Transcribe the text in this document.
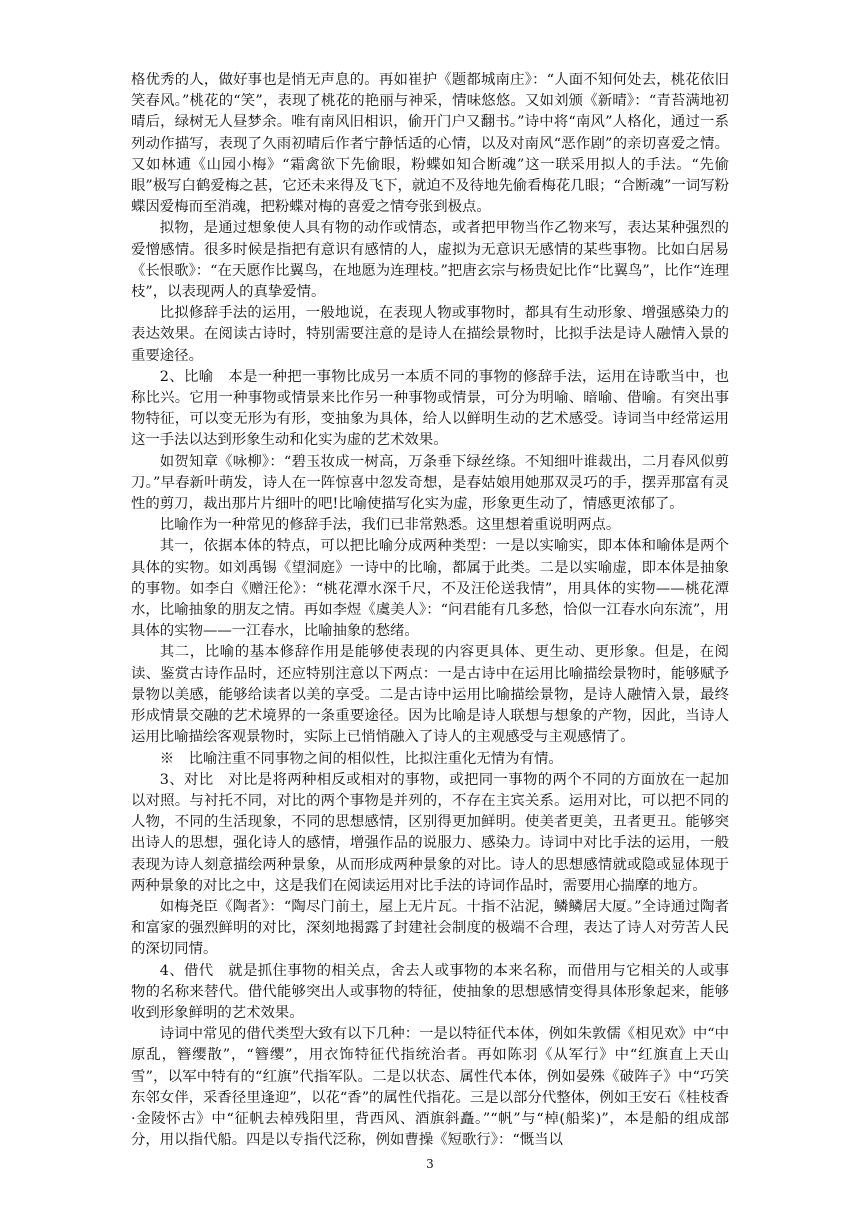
格优秀的人，做好事也是悄无声息的。再如崔护《题都城南庄》：“人面不知何处去，桃花依旧笑春风。”桃花的“笑”，表现了桃花的艳丽与神采，情味悠悠。又如刘颁《新晴》：“青苔满地初晴后，绿树无人昼梦余。唯有南风旧相识，偷开门户又翻书。”诗中将“南风”人格化，通过一系列动作描写，表现了久雨初晴后作者宁静恬适的心情，以及对南风“恶作剧”的亲切喜爱之情。又如林逋《山园小梅》“霜禽欲下先偷眼，粉蝶如知合断魂”这一联采用拟人的手法。“先偷眼”极写白鹤爱梅之甚，它还未来得及飞下，就迫不及待地先偷看梅花几眼；“合断魂”一词写粉蝶因爱梅而至消魂，把粉蝶对梅的喜爱之情夸张到极点。

拟物，是通过想象使人具有物的动作或情态，或者把甲物当作乙物来写，表达某种强烈的爱憎感情。很多时候是指把有意识有感情的人，虚拟为无意识无感情的某些事物。比如白居易《长恨歌》：“在天愿作比翼鸟，在地愿为连理枝。”把唐玄宗与杨贵妃比作“比翼鸟”，比作“连理枝”，以表现两人的真挚爱情。

比拟修辞手法的运用，一般地说，在表现人物或事物时，都具有生动形象、增强感染力的表达效果。在阅读古诗时，特别需要注意的是诗人在描绘景物时，比拟手法是诗人融情入景的重要途径。

2、比喻　本是一种把一事物比成另一本质不同的事物的修辞手法，运用在诗歌当中，也称比兴。它用一种事物或情景来比作另一种事物或情景，可分为明喻、暗喻、借喻。有突出事物特征，可以变无形为有形，变抽象为具体，给人以鲜明生动的艺术感受。诗词当中经常运用这一手法以达到形象生动和化实为虚的艺术效果。

如贺知章《咏柳》：“碧玉妆成一树高，万条垂下绿丝绦。不知细叶谁裁出，二月春风似剪刀。”早春新叶萌发，诗人在一阵惊喜中忽发奇想，是春姑娘用她那双灵巧的手，摆弄那富有灵性的剪刀，裁出那片片细叶的吧!比喻使描写化实为虚，形象更生动了，情感更浓郁了。

比喻作为一种常见的修辞手法，我们已非常熟悉。这里想着重说明两点。

其一，依据本体的特点，可以把比喻分成两种类型：一是以实喻实，即本体和喻体是两个具体的实物。如刘禹锡《望洞庭》一诗中的比喻，都属于此类。二是以实喻虚，即本体是抽象的事物。如李白《赠汪伦》：“桃花潭水深千尺，不及汪伦送我情”，用具体的实物——桃花潭水，比喻抽象的朋友之情。再如李煜《虞美人》：“问君能有几多愁，恰似一江春水向东流”，用具体的实物——一江春水，比喻抽象的愁绪。

其二，比喻的基本修辞作用是能够使表现的内容更具体、更生动、更形象。但是，在阅读、鉴赏古诗作品时，还应特别注意以下两点：一是古诗中在运用比喻描绘景物时，能够赋予景物以美感，能够给读者以美的享受。二是古诗中运用比喻描绘景物，是诗人融情入景，最终形成情景交融的艺术境界的一条重要途径。因为比喻是诗人联想与想象的产物，因此，当诗人运用比喻描绘客观景物时，实际上已悄悄融入了诗人的主观感受与主观感情了。

※　比喻注重不同事物之间的相似性，比拟注重化无情为有情。

3、对比　对比是将两种相反或相对的事物，或把同一事物的两个不同的方面放在一起加以对照。与衬托不同，对比的两个事物是并列的，不存在主宾关系。运用对比，可以把不同的人物，不同的生活现象，不同的思想感情，区别得更加鲜明。使美者更美，丑者更丑。能够突出诗人的思想，强化诗人的感情，增强作品的说服力、感染力。诗词中对比手法的运用，一般表现为诗人刻意描绘两种景象，从而形成两种景象的对比。诗人的思想感情就或隐或显体现于两种景象的对比之中，这是我们在阅读运用对比手法的诗词作品时，需要用心揣摩的地方。

如梅尧臣《陶者》：“陶尽门前土，屋上无片瓦。十指不沾泥，鳞鳞居大厦。”全诗通过陶者和富家的强烈鲜明的对比，深刻地揭露了封建社会制度的极端不合理，表达了诗人对劳苦人民的深切同情。

4、借代　就是抓住事物的相关点，舍去人或事物的本来名称，而借用与它相关的人或事物的名称来替代。借代能够突出人或事物的特征，使抽象的思想感情变得具体形象起来，能够收到形象鲜明的艺术效果。

诗词中常见的借代类型大致有以下几种：一是以特征代本体，例如朱敦儒《相见欢》中“中原乱，簪缨散”，“簪缨”，用衣饰特征代指统治者。再如陈羽《从军行》中“红旗直上天山雪”，以军中特有的“红旗”代指军队。二是以状态、属性代本体，例如晏殊《破阵子》中“巧笑东邻女伴，采香径里逢迎”，以花“香”的属性代指花。三是以部分代整体，例如王安石《桂枝香·金陵怀古》中“征帆去棹残阳里，背西风、酒旗斜矗。”“帆”与“棹(船桨)”，本是船的组成部分，用以指代船。四是以专指代泛称，例如曹操《短歌行》：“慨当以

3
